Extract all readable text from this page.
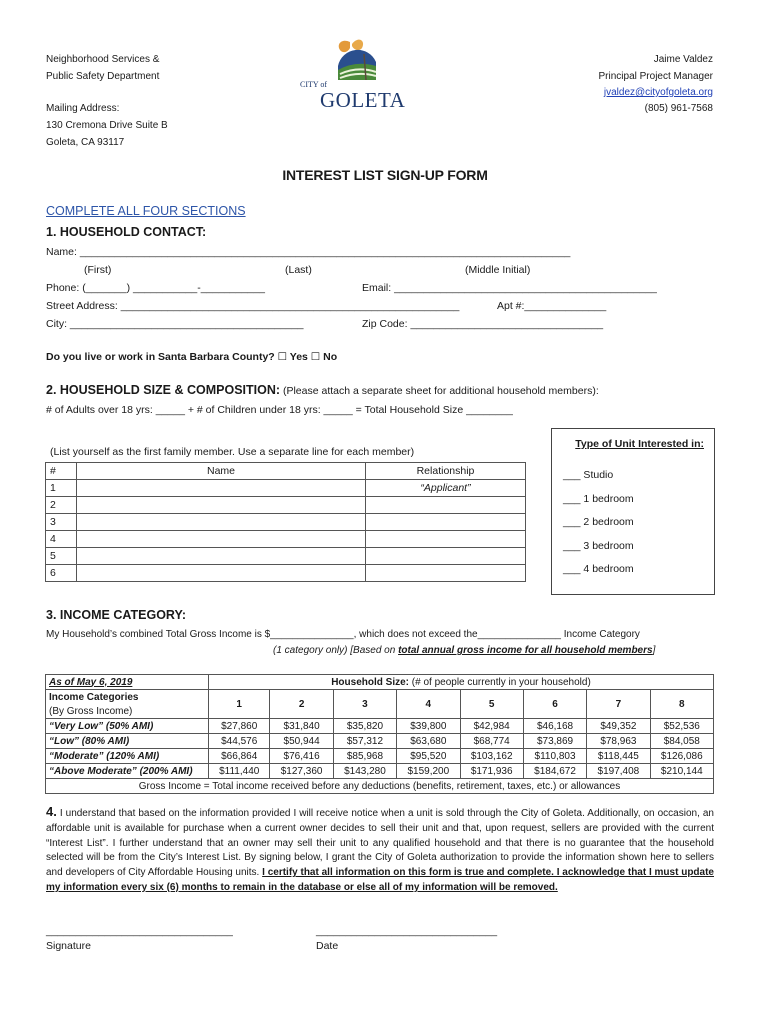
Neighborhood Services &
Public Safety Department
Mailing Address:
130 Cremona Drive Suite B
Goleta, CA 93117
Jaime Valdez
Principal Project Manager
jvaldez@cityofgoleta.org
(805) 961-7568
CITY of
GOLETA
INTEREST LIST SIGN-UP FORM
COMPLETE ALL FOUR SECTIONS
1. HOUSEHOLD CONTACT:
Name: ____________________________________________________________________________________
(First)	(Last)	(Middle Initial)
Phone: (_______) ___________-___________	Email: _____________________________________________
Street Address: __________________________________________________________	Apt #:______________
City: ________________________________________	Zip Code: _________________________________
Do you live or work in Santa Barbara County? ☐ Yes ☐ No
2. HOUSEHOLD SIZE & COMPOSITION: (Please attach a separate sheet for additional household members):
# of Adults over 18 yrs: _____ + # of Children under 18 yrs: _____ = Total Household Size ________
(List yourself as the first family member. Use a separate line for each member)
#	Name	Relationship
1		“Applicant”
2		
3		
4		
5		
6		
Type of Unit Interested in:
___ Studio
___ 1 bedroom
___ 2 bedroom
___ 3 bedroom
___ 4 bedroom
3. INCOME CATEGORY:
My Household’s combined Total Gross Income is $_______________, which does not exceed the_______________ Income Category
(1 category only) [Based on total annual gross income for all household members]
As of May 6, 2019	Household Size: (# of people currently in your household)							
Income Categories	1	2	3	4	5	6	7	8
(By Gross Income)								
“Very Low” (50% AMI)	$27,860	$31,840	$35,820	$39,800	$42,984	$46,168	$49,352	$52,536
“Low” (80% AMI)	$44,576	$50,944	$57,312	$63,680	$68,774	$73,869	$78,963	$84,058
“Moderate” (120% AMI)	$66,864	$76,416	$85,968	$95,520	$103,162	$110,803	$118,445	$126,086
“Above Moderate” (200% AMI)	$111,440	$127,360	$143,280	$159,200	$171,936	$184,672	$197,408	$210,144
Gross Income = Total income received before any deductions (benefits, retirement, taxes, etc.) or allowances								
4. I understand that based on the information provided I will receive notice when a unit is sold through the City of Goleta. Additionally, on occasion, an affordable unit is available for purchase when a current owner decides to sell their unit and that, upon request, sellers are provided with the current “Interest List”. I further understand that an owner may sell their unit to any qualified household and that there is no guarantee that the household selected will be from the City’s Interest List. By signing below, I grant the City of Goleta authorization to provide the information shown here to sellers and developers of City Affordable Housing units. I certify that all information on this form is true and complete. I acknowledge that I must update my information every six (6) months to remain in the database or else all of my information will be removed.
________________________________
Signature
_______________________________
Date
